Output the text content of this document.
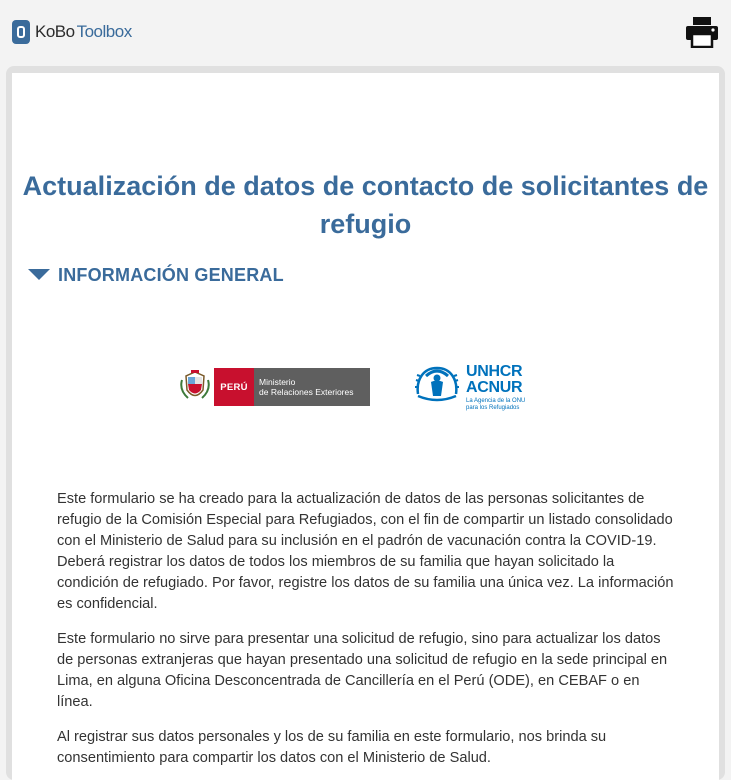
KoBo Toolbox
Actualización de datos de contacto de solicitantes de refugio
INFORMACIÓN GENERAL
PERÚ	Ministerio
de Relaciones Exteriores
UNHCR
ACNUR
La Agencia de la ONU
para los Refugiados

Este formulario se ha creado para la actualización de datos de las personas solicitantes de refugio de la Comisión Especial para Refugiados, con el fin de compartir un listado consolidado con el Ministerio de Salud para su inclusión en el padrón de vacunación contra la COVID-19. Deberá registrar los datos de todos los miembros de su familia que hayan solicitado la condición de refugiado. Por favor, registre los datos de su familia una única vez. La información es confidencial.

Este formulario no sirve para presentar una solicitud de refugio, sino para actualizar los datos de personas extranjeras que hayan presentado una solicitud de refugio en la sede principal en Lima, en alguna Oficina Desconcentrada de Cancillería en el Perú (ODE), en CEBAF o en línea.

Al registrar sus datos personales y los de su familia en este formulario, nos brinda su consentimiento para compartir los datos con el Ministerio de Salud.
